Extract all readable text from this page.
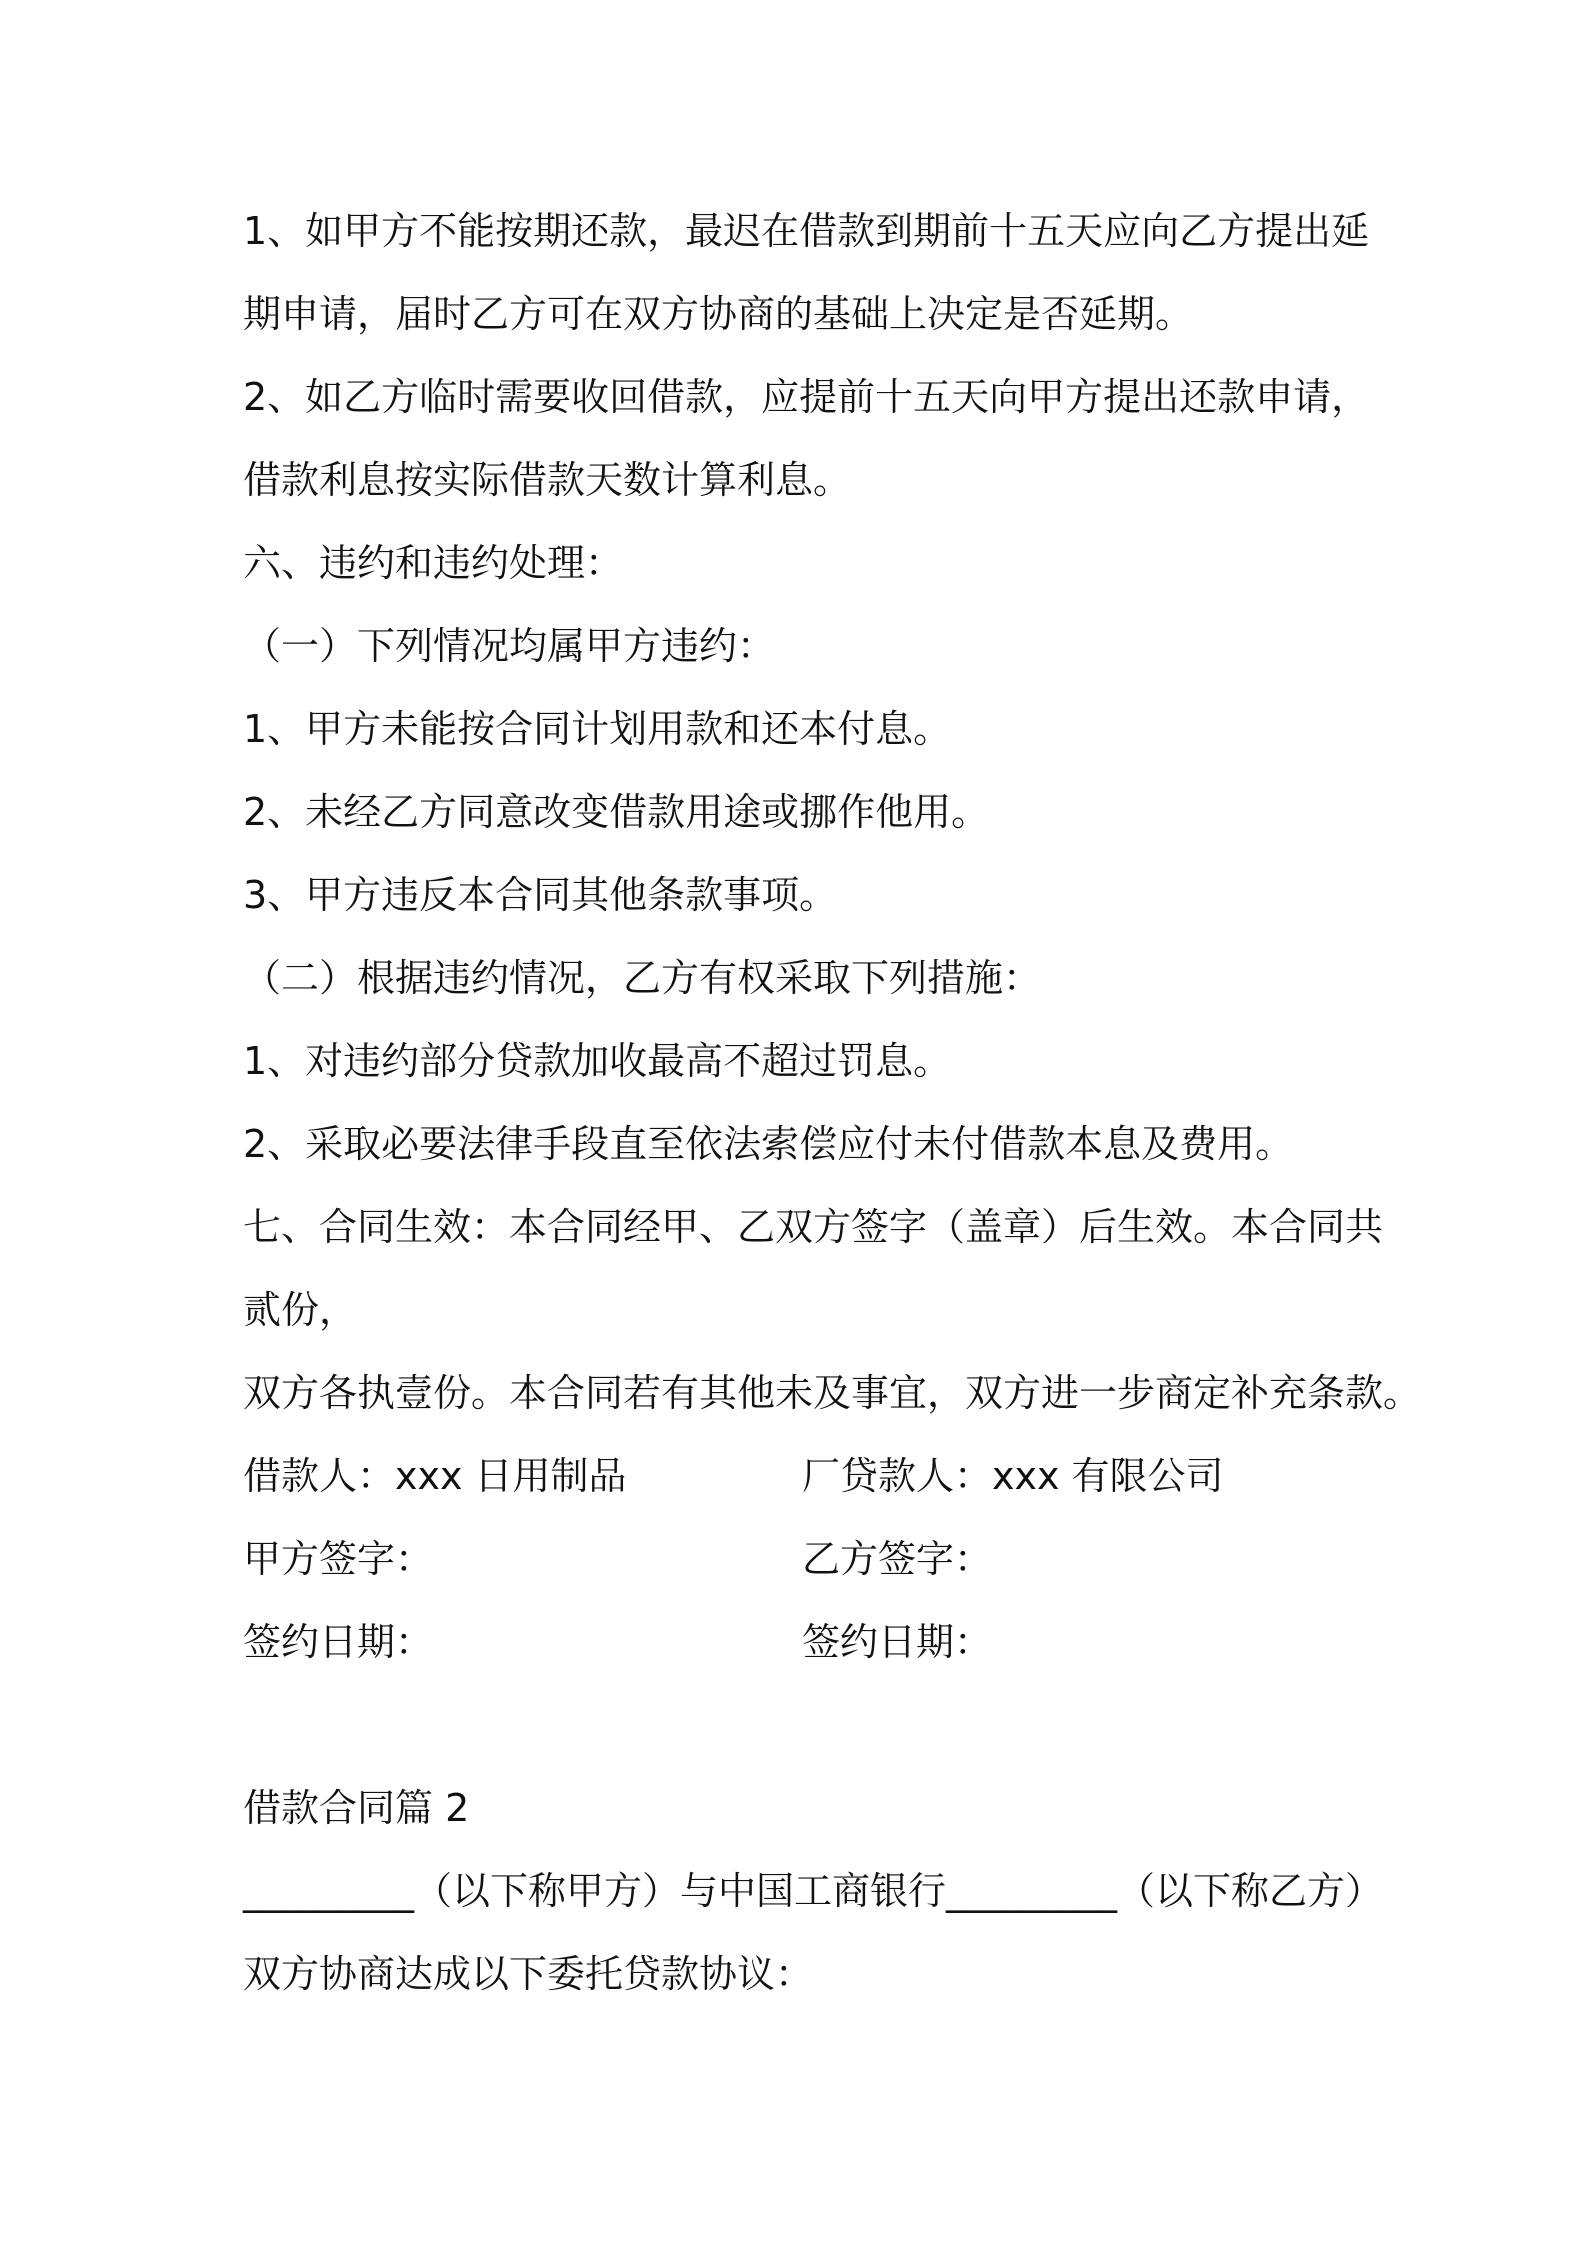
1、如甲方不能按期还款，最迟在借款到期前十五天应向乙方提出延
期申请，届时乙方可在双方协商的基础上决定是否延期。
2、如乙方临时需要收回借款，应提前十五天向甲方提出还款申请，
借款利息按实际借款天数计算利息。
六、违约和违约处理：
（一）下列情况均属甲方违约：
1、甲方未能按合同计划用款和还本付息。
2、未经乙方同意改变借款用途或挪作他用。
3、甲方违反本合同其他条款事项。
（二）根据违约情况，乙方有权采取下列措施：
1、对违约部分贷款加收最高不超过罚息。
2、采取必要法律手段直至依法索偿应付未付借款本息及费用。
七、合同生效：本合同经甲、乙双方签字（盖章）后生效。本合同共
贰份，
双方各执壹份。本合同若有其他未及事宜，双方进一步商定补充条款。
借款人：xxx 日用制品	厂贷款人：xxx 有限公司
甲方签字：	乙方签字：
签约日期：	签约日期：
借款合同篇 2
_________（以下称甲方）与中国工商银行_________（以下称乙方）
双方协商达成以下委托贷款协议：
